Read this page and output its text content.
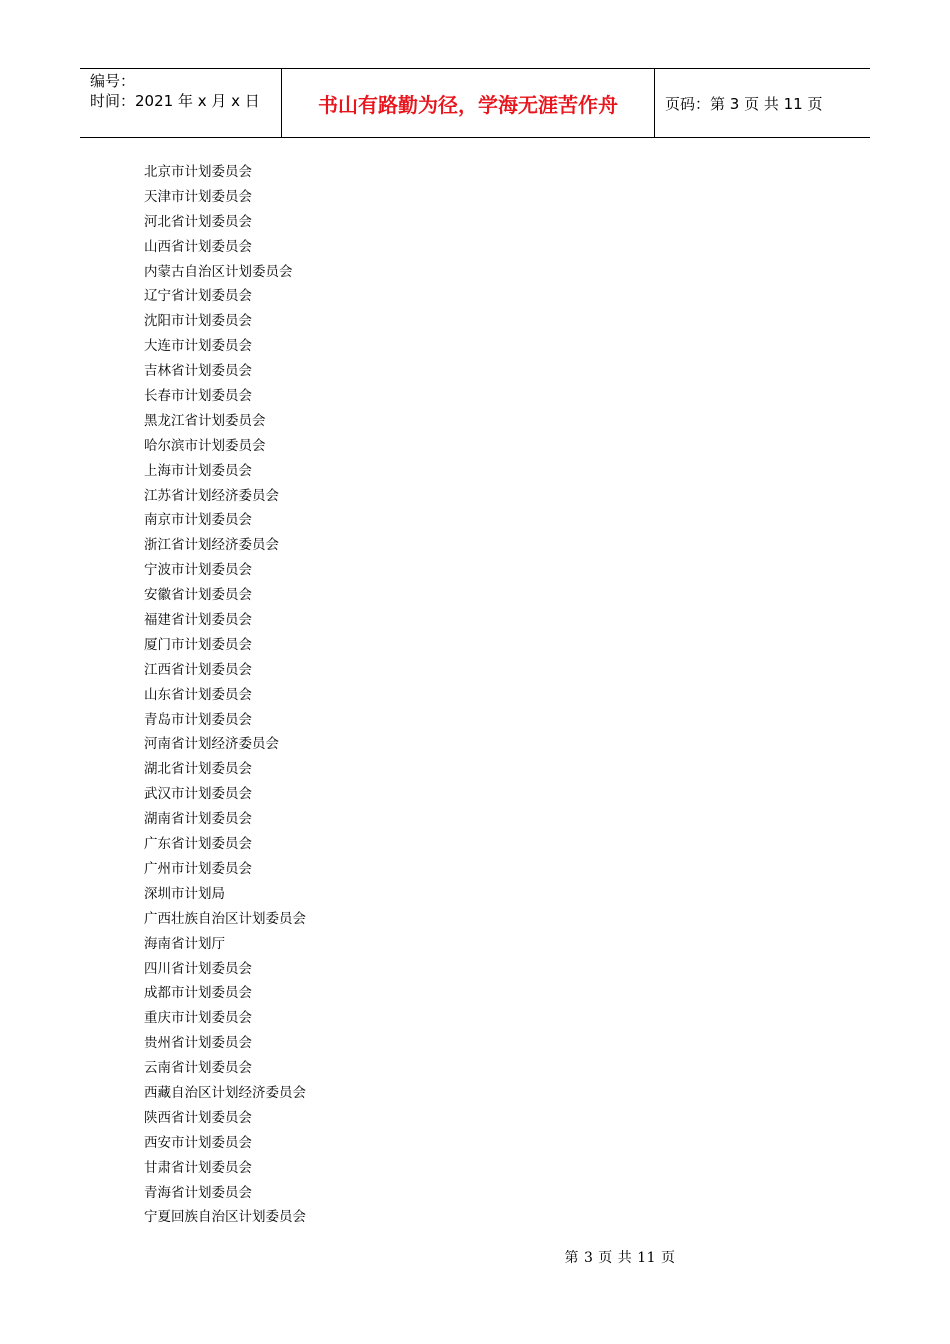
编号：
时间：2021 年 x 月 x 日	书山有路勤为径，学海无涯苦作舟	页码：第 3 页 共 11 页
北京市计划委员会
天津市计划委员会
河北省计划委员会
山西省计划委员会
内蒙古自治区计划委员会
辽宁省计划委员会
沈阳市计划委员会
大连市计划委员会
吉林省计划委员会
长春市计划委员会
黑龙江省计划委员会
哈尔滨市计划委员会
上海市计划委员会
江苏省计划经济委员会
南京市计划委员会
浙江省计划经济委员会
宁波市计划委员会
安徽省计划委员会
福建省计划委员会
厦门市计划委员会
江西省计划委员会
山东省计划委员会
青岛市计划委员会
河南省计划经济委员会
湖北省计划委员会
武汉市计划委员会
湖南省计划委员会
广东省计划委员会
广州市计划委员会
深圳市计划局
广西壮族自治区计划委员会
海南省计划厅
四川省计划委员会
成都市计划委员会
重庆市计划委员会
贵州省计划委员会
云南省计划委员会
西藏自治区计划经济委员会
陕西省计划委员会
西安市计划委员会
甘肃省计划委员会
青海省计划委员会
宁夏回族自治区计划委员会
第 3 页 共 11 页
